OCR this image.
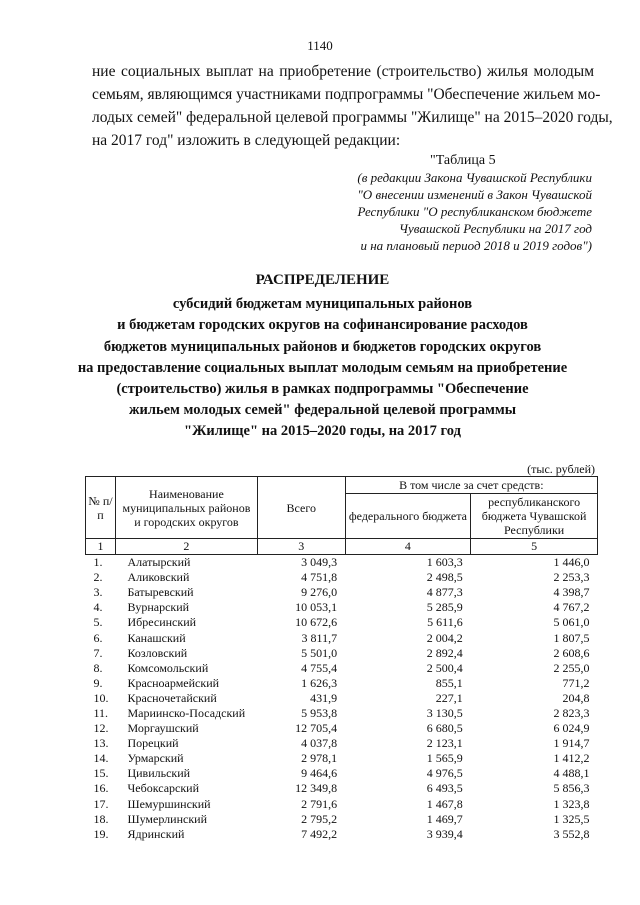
1140
ние социальных выплат на приобретение (строительство) жилья молодым
семьям, являющимся участниками подпрограммы "Обеспечение жильем мо-
лодых семей" федеральной целевой программы "Жилище" на 2015–2020 годы,
на 2017 год" изложить в следующей редакции:
"Таблица 5
(в редакции Закона Чувашской Республики
"О внесении изменений в Закон Чувашской
Республики "О республиканском бюджете
Чувашской Республики на 2017 год
и на плановый период 2018 и 2019 годов")
РАСПРЕДЕЛЕНИЕ
субсидий бюджетам муниципальных районов
и бюджетам городских округов на софинансирование расходов
бюджетов муниципальных районов и бюджетов городских округов
на предоставление социальных выплат молодым семьям на приобретение
(строительство) жилья в рамках подпрограммы "Обеспечение
жильем молодых семей" федеральной целевой программы
"Жилище" на 2015–2020 годы, на 2017 год
(тыс. рублей)
№ п/п	Наименование муниципальных районов и городских округов	Всего	В том числе за счет средств:	
			федерального бюджета	республиканского бюджета Чувашской Республики
1	2	3	4	5
1.	Алатырский	3 049,3	1 603,3	1 446,0
2.	Аликовский	4 751,8	2 498,5	2 253,3
3.	Батыревский	9 276,0	4 877,3	4 398,7
4.	Вурнарский	10 053,1	5 285,9	4 767,2
5.	Ибресинский	10 672,6	5 611,6	5 061,0
6.	Канашский	3 811,7	2 004,2	1 807,5
7.	Козловский	5 501,0	2 892,4	2 608,6
8.	Комсомольский	4 755,4	2 500,4	2 255,0
9.	Красноармейский	1 626,3	855,1	771,2
10.	Красночетайский	431,9	227,1	204,8
11.	Мариинско-Посадский	5 953,8	3 130,5	2 823,3
12.	Моргаушский	12 705,4	6 680,5	6 024,9
13.	Порецкий	4 037,8	2 123,1	1 914,7
14.	Урмарский	2 978,1	1 565,9	1 412,2
15.	Цивильский	9 464,6	4 976,5	4 488,1
16.	Чебоксарский	12 349,8	6 493,5	5 856,3
17.	Шемуршинский	2 791,6	1 467,8	1 323,8
18.	Шумерлинский	2 795,2	1 469,7	1 325,5
19.	Ядринский	7 492,2	3 939,4	3 552,8
